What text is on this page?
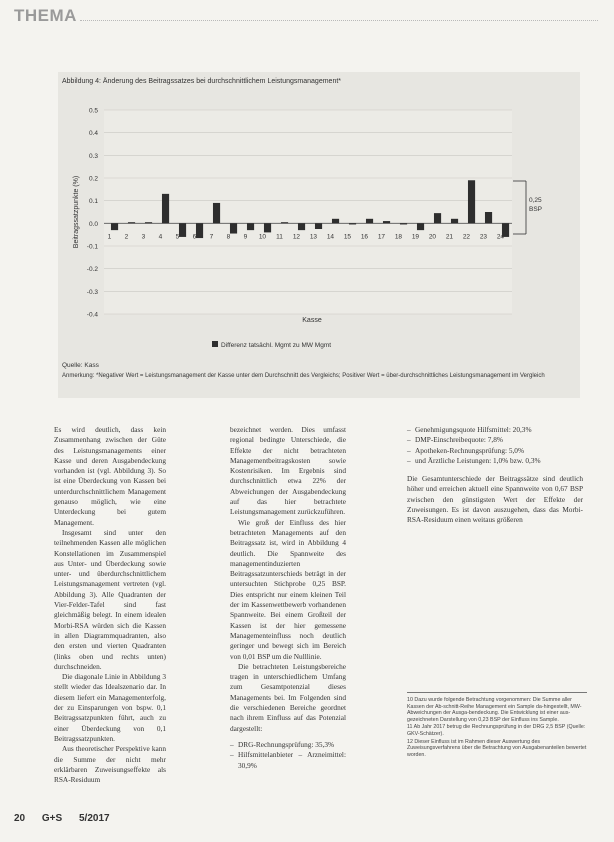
THEMA
Abbildung 4: Änderung des Beitragssatzes bei durchschnittlichem Leistungsmanagement*
0.5
0.4
0.3
0.2
0.1
0.0
-0.1
-0.2
-0.3
-0.4
1 2 3 4 5 6 7 8 9 10 11 12 13 14 15 16 17 18 19 20 21 22 23 24
Beitragssatzpunkte (%)
Kasse
0,25
BSP
Differenz tatsächl. Mgmt zu MW Mgmt
Quelle: Kass
Anmerkung: *Negativer Wert = Leistungsmanagement der Kasse unter dem Durchschnitt des Vergleichs; Positiver Wert = über-durchschnittliches Leistungsmanagement im Vergleich

Es wird deutlich, dass kein Zusammenhang zwischen der Güte des Leistungsmanagements einer Kasse und deren Ausgabendeckung vorhanden ist (vgl. Abbildung 3). So ist eine Überdeckung von Kassen bei unterdurchschnittlichem Management genauso möglich, wie eine Unterdeckung bei gutem Management.

Insgesamt sind unter den teilnehmenden Kassen alle möglichen Konstellationen im Zusammenspiel aus Unter- und Überdeckung sowie unter- und überdurchschnittlichem Leistungsmanagement vertreten (vgl. Abbildung 3). Alle Quadranten der Vier-Felder-Tafel sind fast gleichmäßig belegt. In einem idealen Morbi-RSA würden sich die Kassen in allen Diagrammquadranten, also den ersten und vierten Quadranten (links oben und rechts unten) durchschneiden.

Die diagonale Linie in Abbildung 3 stellt wieder das Idealszenario dar. In diesem liefert ein Managementerfolg, der zu Einsparungen von bspw. 0,1 Beitragssatzpunkten führt, auch zu einer Überdeckung von 0,1 Beitragssatzpunkten.

Aus theoretischer Perspektive kann die Summe der nicht mehr erklärbaren Zuweisungseffekte als RSA-Residuum

bezeichnet werden. Dies umfasst regional bedingte Unterschiede, die Effekte der nicht betrachteten Managementbeitragskosten sowie Kostenrisiken. Im Ergebnis sind durchschnittlich etwa 22% der Abweichungen der Ausgabendeckung auf das hier betrachtete Leistungsmanagement zurückzuführen.

Wie groß der Einfluss des hier betrachteten Managements auf den Beitragssatz ist, wird in Abbildung 4 deutlich. Die Spannweite des managementinduzierten Beitragssatzunterschieds beträgt in der untersuchten Stichprobe 0,25 BSP. Dies entspricht nur einem kleinen Teil der im Kassenwettbewerb vorhandenen Spannweite. Bei einem Großteil der Kassen ist der hier gemessene Managementeinfluss noch deutlich geringer und bewegt sich im Bereich von 0,01 BSP um die Nulllinie.

Die betrachteten Leistungsbereiche tragen in unterschiedlichem Umfang zum Gesamtpotenzial dieses Managements bei. Im Folgenden sind die verschiedenen Bereiche geordnet nach ihrem Einfluss auf das Potenzial dargestellt:

– DRG-Rechnungsprüfung: 35,3%

– Hilfsmittelanbieter – Arzneimittel: 30,9%

– Genehmigungsquote Hilfsmittel: 20,3%

– DMP-Einschreibequote: 7,8%

– Apotheken-Rechnungsprüfung: 5,0%

– und Ärztliche Leistungen: 1,0% bzw. 0,3%

Die Gesamtunterschiede der Beitragssätze sind deutlich höher und erreichen aktuell eine Spannweite von 0,67 BSP zwischen den günstigsten Wert der Effekte der Zuweisungen. Es ist davon auszugehen, dass das Morbi-RSA-Residuum einen weitaus größeren

10 Dazu wurde folgende Betrachtung vorgenommen: Die Summe aller Kassen der Ab-schnitt-Reihe Management ein Sample da-hingestellt, MW-Abweichungen der Ausga-bendeckung. Die Entwicklung ist einer aus-gezeichneten Darstellung von 0,23 BSP der Einfluss ins Sample.
11 Ab Jahr 2017 betrug die Rechnungsprüfung in der DRG 2,5 BSP (Quelle: GKV-Schätzer).
12 Dieser Einfluss ist im Rahmen dieser Auswertung des Zuweisungsverfahrens über die Betrachtung von Ausgabenanteilen bewertet worden.
20 G+S 5/2017
